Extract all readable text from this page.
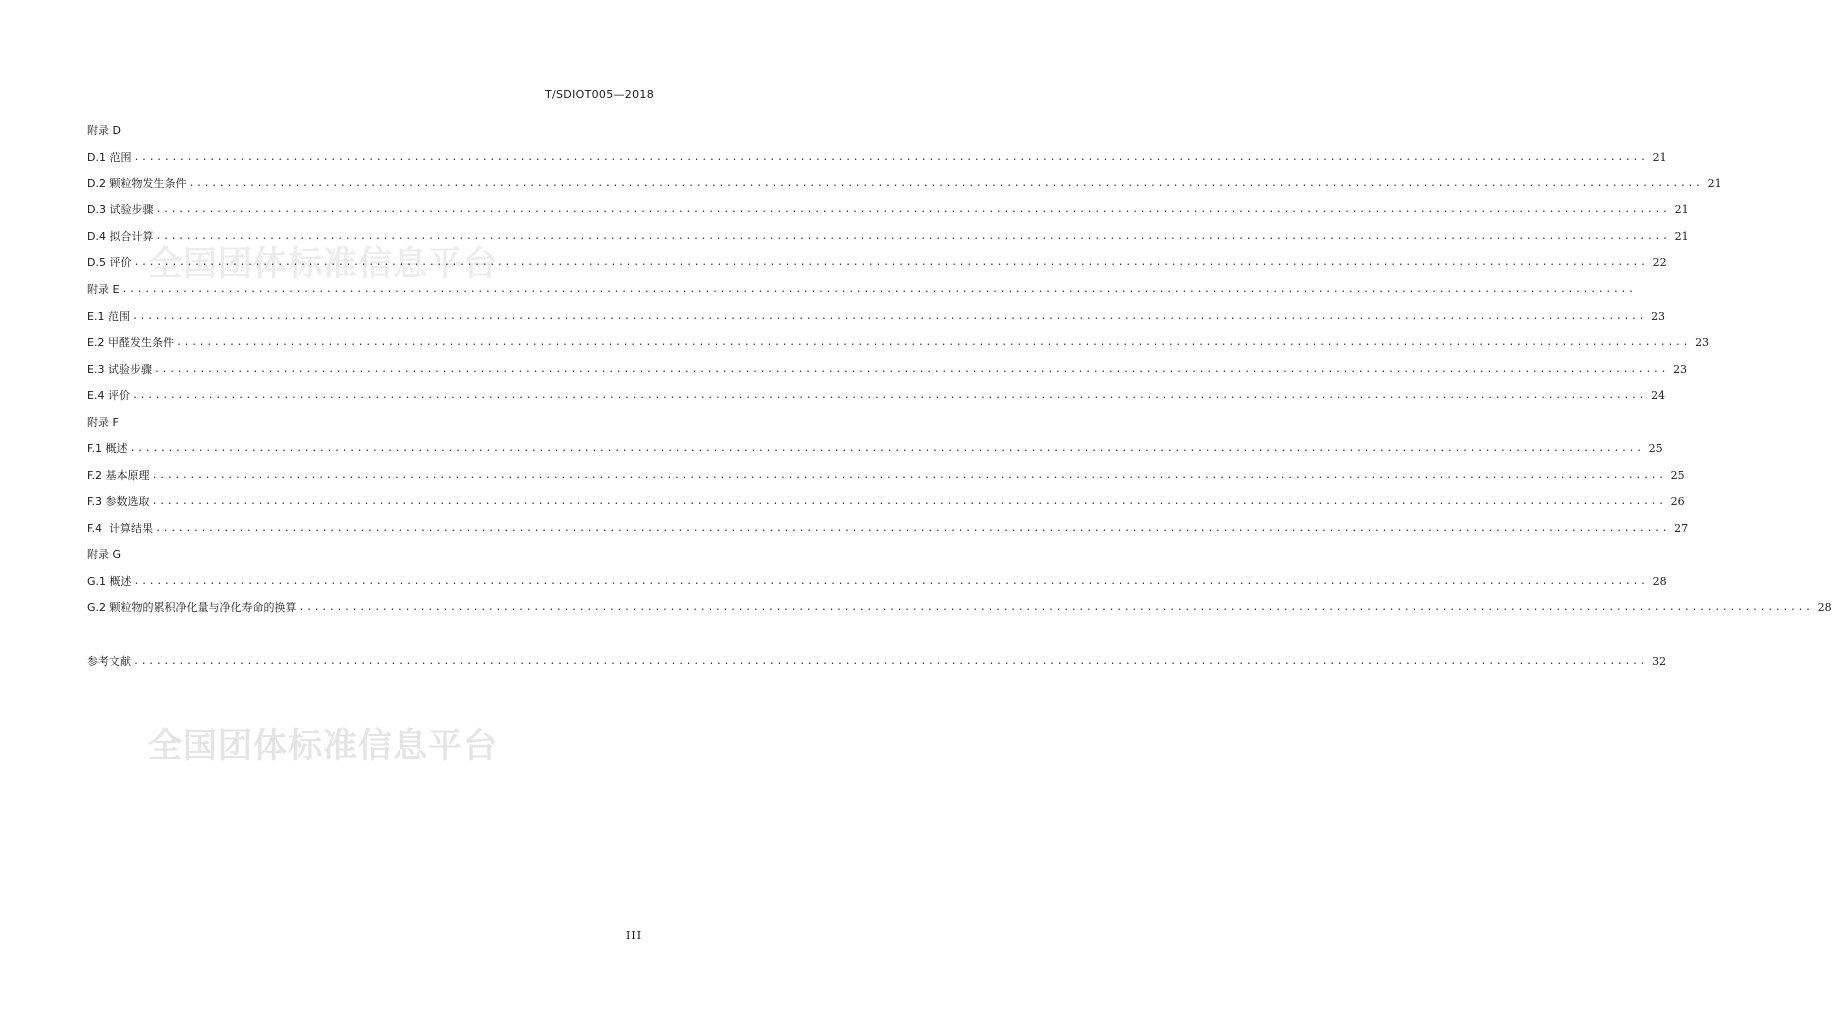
T/SDIOT005—2018
全国团体标准信息平台
全国团体标准信息平台
附录 D
D.1 范围 ........................................................................................................................................................................................................ 21
D.2 颗粒物发生条件 ........................................................................................................................................................................................................ 21
D.3 试验步骤 ........................................................................................................................................................................................................ 21
D.4 拟合计算 ........................................................................................................................................................................................................ 21
D.5 评价 ........................................................................................................................................................................................................ 22
附录 E ........................................................................................................................................................................................................
E.1 范围 ........................................................................................................................................................................................................ 23
E.2 甲醛发生条件 ........................................................................................................................................................................................................ 23
E.3 试验步骤 ........................................................................................................................................................................................................ 23
E.4 评价 ........................................................................................................................................................................................................ 24
附录 F
F.1 概述 ........................................................................................................................................................................................................ 25
F.2 基本原理 ........................................................................................................................................................................................................ 25
F.3 参数选取 ........................................................................................................................................................................................................ 26
F.4  计算结果 ........................................................................................................................................................................................................ 27
附录 G
G.1 概述 ........................................................................................................................................................................................................ 28
G.2 颗粒物的累积净化量与净化寿命的换算 ........................................................................................................................................................................................................ 28
参考文献 ........................................................................................................................................................................................................ 32
III
